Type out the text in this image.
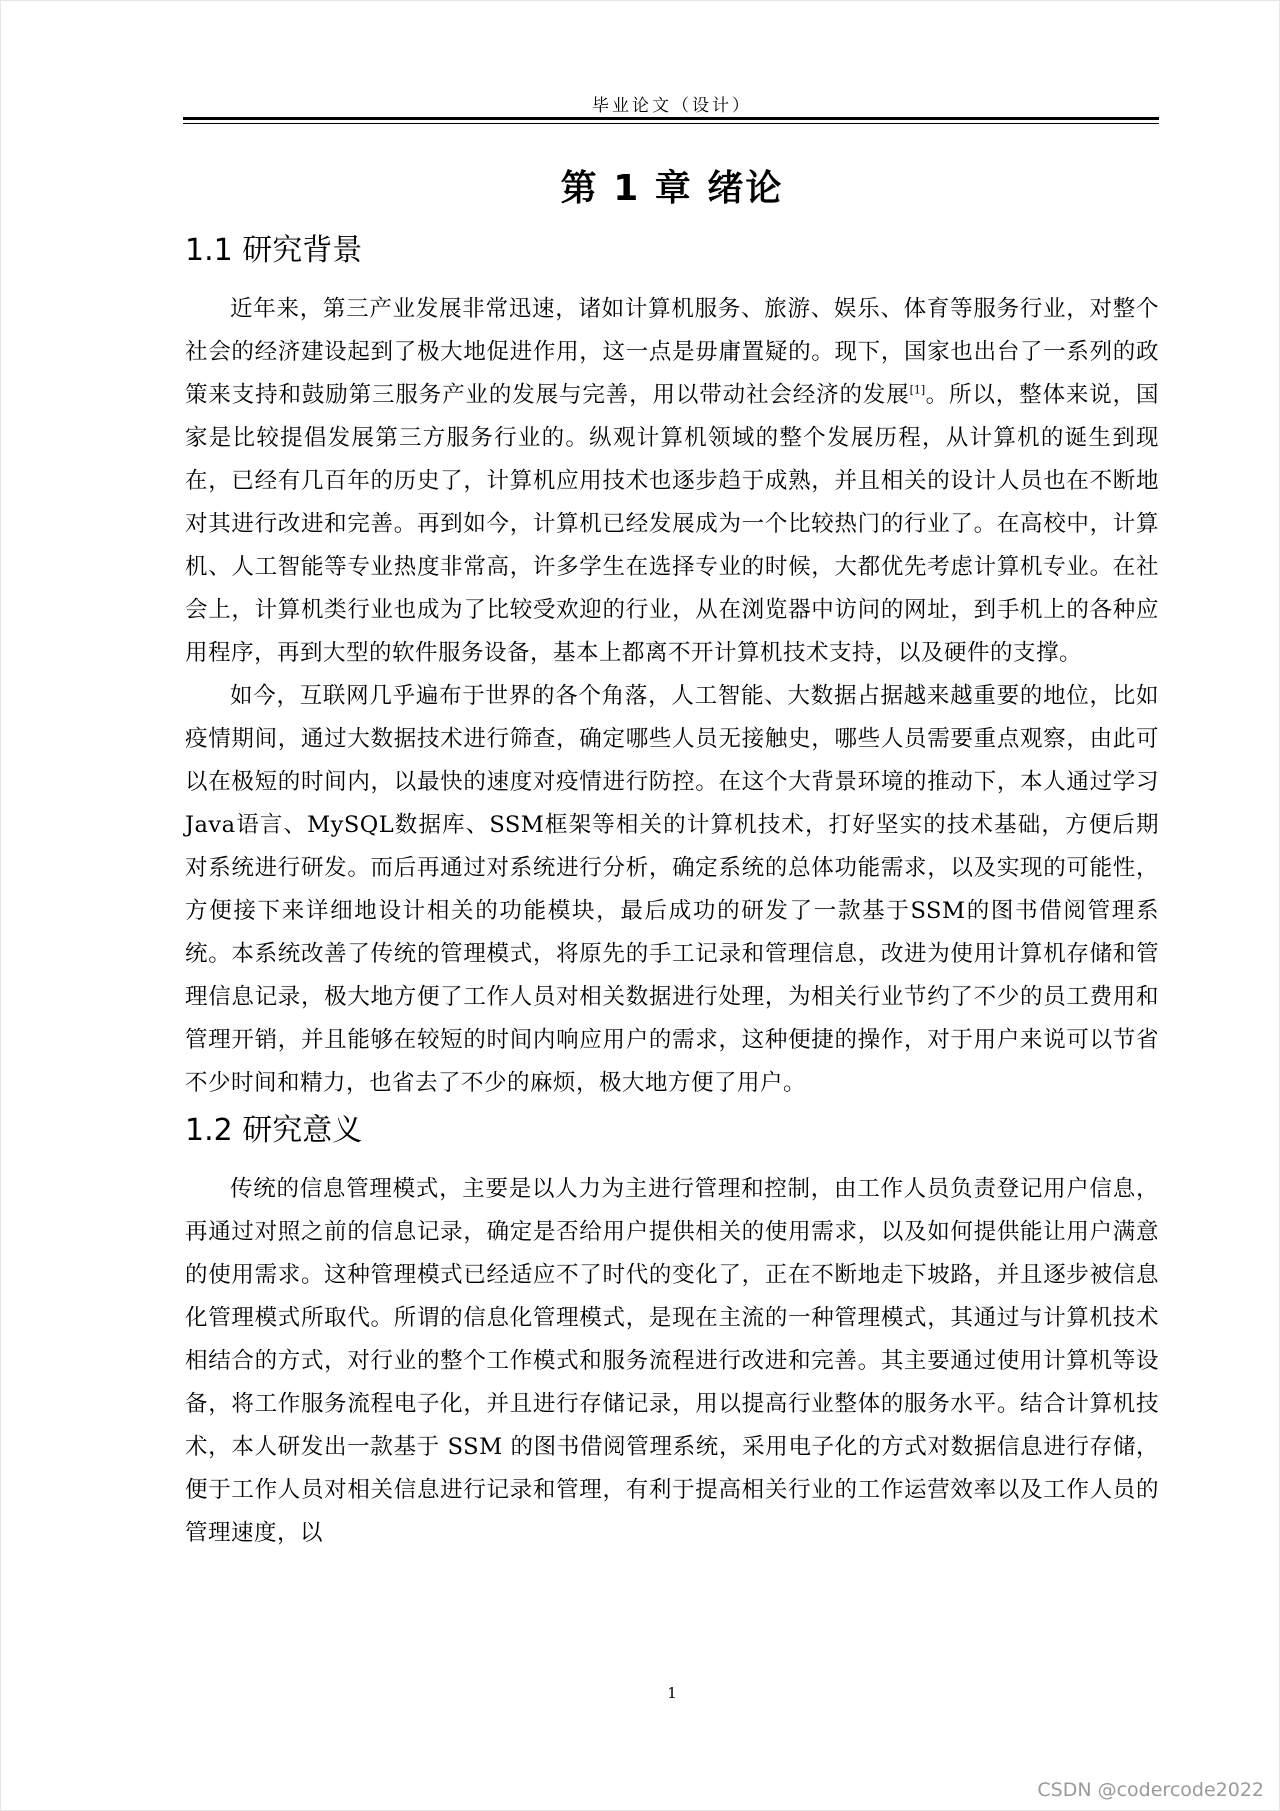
毕业论文（设计）
第 1 章 绪论
1.1 研究背景

近年来，第三产业发展非常迅速，诸如计算机服务、旅游、娱乐、体育等服务行业，对整个社会的经济建设起到了极大地促进作用，这一点是毋庸置疑的。现下，国家也出台了一系列的政策来支持和鼓励第三服务产业的发展与完善，用以带动社会经济的发展[1]。所以，整体来说，国家是比较提倡发展第三方服务行业的。纵观计算机领域的整个发展历程，从计算机的诞生到现在，已经有几百年的历史了，计算机应用技术也逐步趋于成熟，并且相关的设计人员也在不断地对其进行改进和完善。再到如今，计算机已经发展成为一个比较热门的行业了。在高校中，计算机、人工智能等专业热度非常高，许多学生在选择专业的时候，大都优先考虑计算机专业。在社会上，计算机类行业也成为了比较受欢迎的行业，从在浏览器中访问的网址，到手机上的各种应用程序，再到大型的软件服务设备，基本上都离不开计算机技术支持，以及硬件的支撑。

如今，互联网几乎遍布于世界的各个角落，人工智能、大数据占据越来越重要的地位，比如疫情期间，通过大数据技术进行筛查，确定哪些人员无接触史，哪些人员需要重点观察，由此可以在极短的时间内，以最快的速度对疫情进行防控。在这个大背景环境的推动下，本人通过学习Java语言、MySQL数据库、SSM框架等相关的计算机技术，打好坚实的技术基础，方便后期对系统进行研发。而后再通过对系统进行分析，确定系统的总体功能需求，以及实现的可能性，方便接下来详细地设计相关的功能模块，最后成功的研发了一款基于SSM的图书借阅管理系统。本系统改善了传统的管理模式，将原先的手工记录和管理信息，改进为使用计算机存储和管理信息记录，极大地方便了工作人员对相关数据进行处理，为相关行业节约了不少的员工费用和管理开销，并且能够在较短的时间内响应用户的需求，这种便捷的操作，对于用户来说可以节省不少时间和精力，也省去了不少的麻烦，极大地方便了用户。

1.2 研究意义

传统的信息管理模式，主要是以人力为主进行管理和控制，由工作人员负责登记用户信息，再通过对照之前的信息记录，确定是否给用户提供相关的使用需求，以及如何提供能让用户满意的使用需求。这种管理模式已经适应不了时代的变化了，正在不断地走下坡路，并且逐步被信息化管理模式所取代。所谓的信息化管理模式，是现在主流的一种管理模式，其通过与计算机技术相结合的方式，对行业的整个工作模式和服务流程进行改进和完善。其主要通过使用计算机等设备，将工作服务流程电子化，并且进行存储记录，用以提高行业整体的服务水平。结合计算机技术，本人研发出一款基于 SSM 的图书借阅管理系统，采用电子化的方式对数据信息进行存储，便于工作人员对相关信息进行记录和管理，有利于提高相关行业的工作运营效率以及工作人员的管理速度，以

1
CSDN @codercode2022
